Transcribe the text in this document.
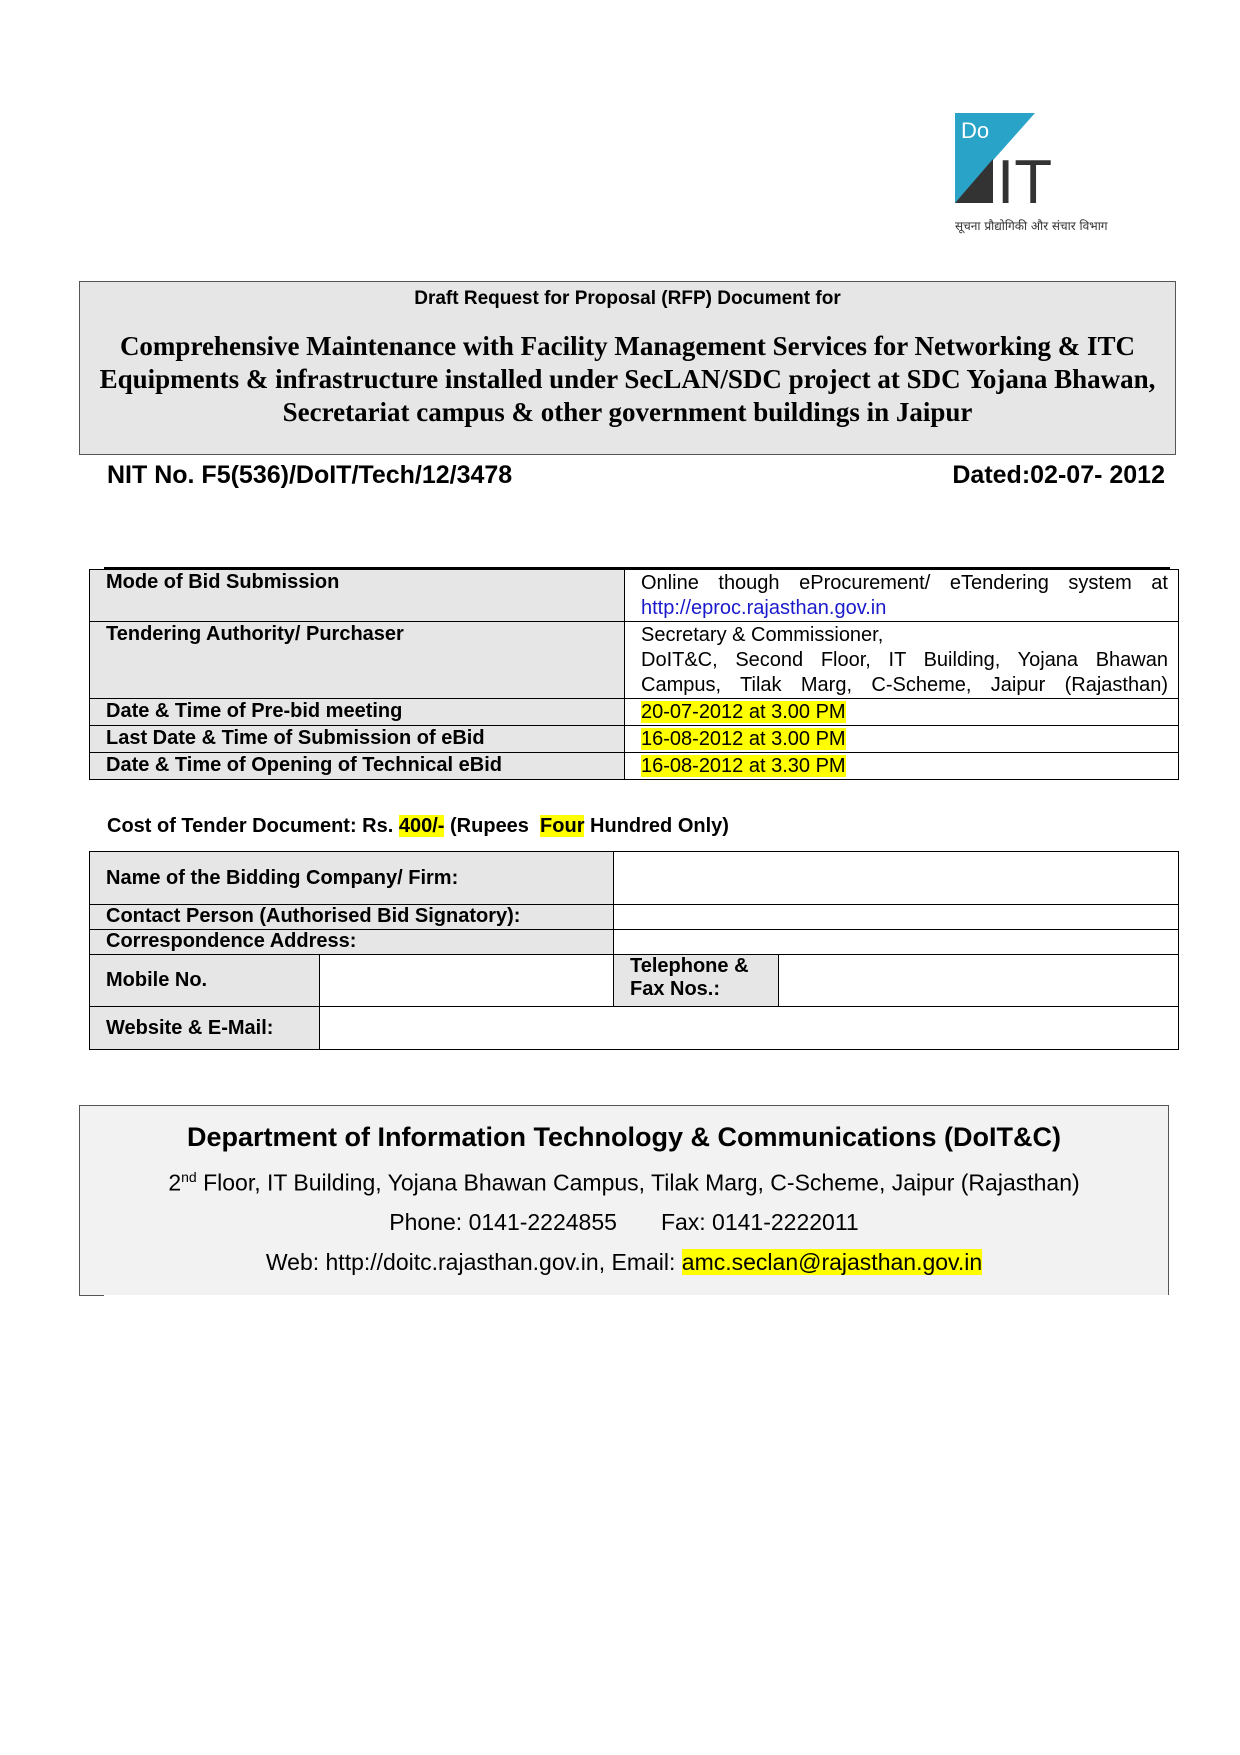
Do
IT
सूचना प्रौद्योगिकी और संचार विभाग
Draft Request for Proposal (RFP) Document for
Comprehensive Maintenance with Facility Management Services for Networking & ITC Equipments & infrastructure installed under SecLAN/SDC project at SDC Yojana Bhawan, Secretariat campus & other government buildings in Jaipur
NIT No. F5(536)/DoIT/Tech/12/3478	Dated:02-07- 2012
Mode of Bid Submission	Online though eProcurement/ eTendering system at
http://eproc.rajasthan.gov.in
Tendering Authority/ Purchaser	Secretary & Commissioner,
DoIT&C, Second Floor, IT Building, Yojana Bhawan
Campus, Tilak Marg, C-Scheme, Jaipur (Rajasthan)

Date & Time of Pre-bid meeting	20-07-2012 at 3.00 PM
Last Date & Time of Submission of eBid	16-08-2012 at 3.00 PM
Date & Time of Opening of Technical eBid	16-08-2012 at 3.30 PM
Cost of Tender Document: Rs. 400/- (Rupees  Four Hundred Only)
Name of the Bidding Company/ Firm:			
Contact Person (Authorised Bid Signatory):			
Correspondence Address:			
Mobile No.		Telephone &
Fax Nos.:	

Website & E-Mail:			
Department of Information Technology & Communications (DoIT&C)
2nd Floor, IT Building, Yojana Bhawan Campus, Tilak Marg, C-Scheme, Jaipur (Rajasthan)
Phone: 0141-2224855 Fax: 0141-2222011
Web: http://doitc.rajasthan.gov.in, Email: amc.seclan@rajasthan.gov.in
